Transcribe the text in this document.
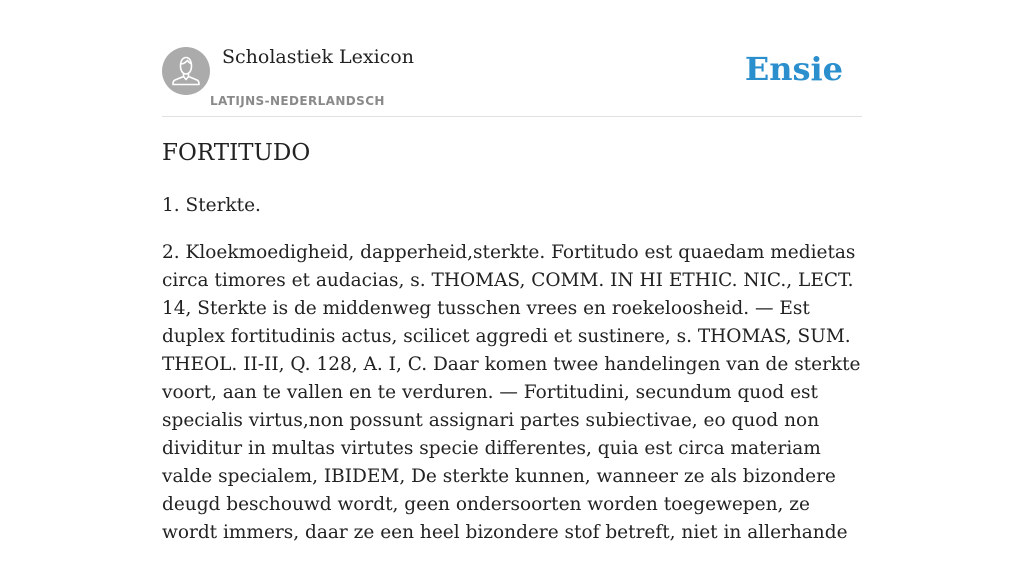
Scholastiek Lexicon
LATIJNS-NEDERLANDSCH
Ensie
FORTITUDO

1. Sterkte.

2. Kloekmoedigheid, dapperheid,sterkte. Fortitudo est quaedam medietas circa timores et audacias, s. THOMAS, COMM. IN HI ETHIC. NIC., LECT. 14, Sterkte is de middenweg tusschen vrees en roekeloosheid. — Est duplex fortitudinis actus, scilicet aggredi et sustinere, s. THOMAS, SUM. THEOL. II-II, Q. 128, A. I, C. Daar komen twee handelingen van de sterkte voort, aan te vallen en te verduren. — Fortitudini, secundum quod est specialis virtus,non possunt assignari partes subiectivae, eo quod non dividitur in multas virtutes specie differentes, quia est circa materiam valde specialem, IBIDEM, De sterkte kunnen, wanneer ze als bizondere deugd beschouwd wordt, geen ondersoorten worden toegewepen, ze wordt immers, daar ze een heel bizondere stof betreft, niet in allerhande
